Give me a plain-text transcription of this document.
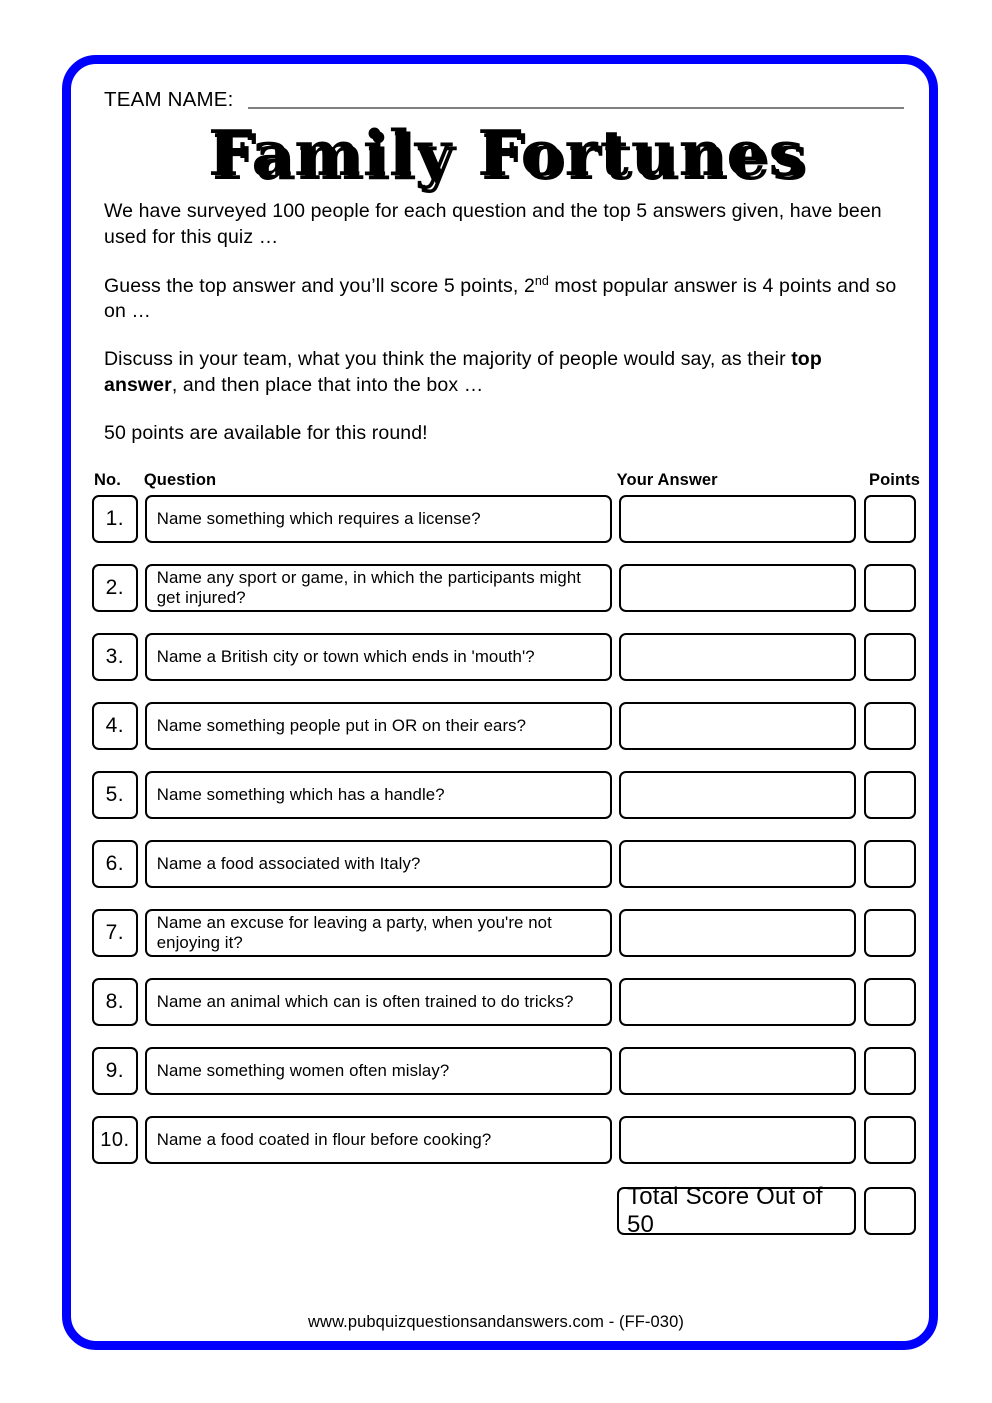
TEAM NAME:
Family Fortunes

We have surveyed 100 people for each question and the top 5 answers given, have been used for this quiz …

Guess the top answer and you’ll score 5 points, 2nd most popular answer is 4 points and so on …

Discuss in your team, what you think the majority of people would say, as their top answer, and then place that into the box …

50 points are available for this round!

No.	Question	Your Answer	Points
1.	Name something which requires a license?
2.	Name any sport or game, in which the participants might get injured?
3.	Name a British city or town which ends in 'mouth'?
4.	Name something people put in OR on their ears?
5.	Name something which has a handle?
6.	Name a food associated with Italy?
7.	Name an excuse for leaving a party, when you're not enjoying it?
8.	Name an animal which can is often trained to do tricks?
9.	Name something women often mislay?
10.	Name a food coated in flour before cooking?
Total Score Out of 50
www.pubquizquestionsandanswers.com - (FF-030)
